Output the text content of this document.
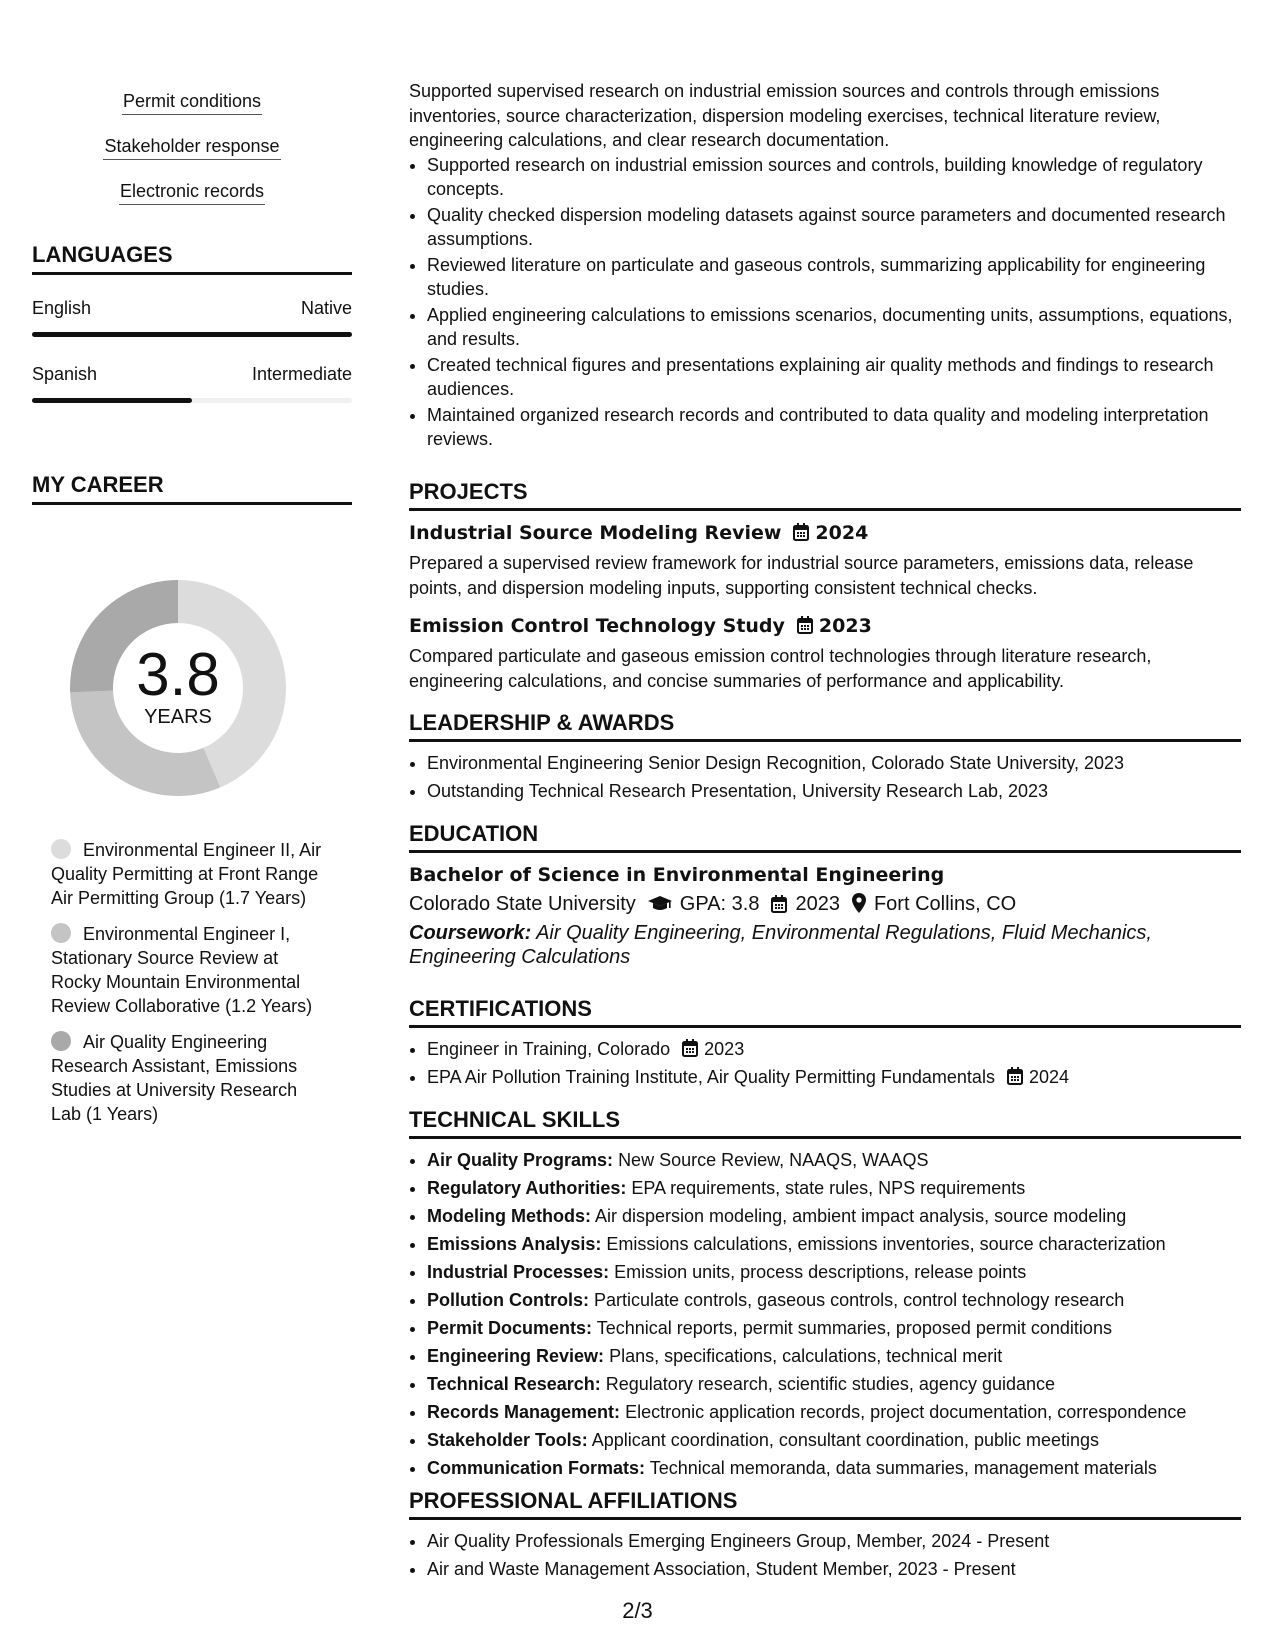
Permit conditions
Stakeholder response
Electronic records
LANGUAGES
English	Native
Spanish	Intermediate
MY CAREER
3.8
YEARS
Environmental Engineer II, Air Quality Permitting at Front Range Air Permitting Group (1.7 Years)
Environmental Engineer I, Stationary Source Review at Rocky Mountain Environmental Review Collaborative (1.2 Years)
Air Quality Engineering Research Assistant, Emissions Studies at University Research Lab (1 Years)
Supported supervised research on industrial emission sources and controls through emissions inventories, source characterization, dispersion modeling exercises, technical literature review, engineering calculations, and clear research documentation.
• Supported research on industrial emission sources and controls, building knowledge of regulatory concepts.
• Quality checked dispersion modeling datasets against source parameters and documented research assumptions.
• Reviewed literature on particulate and gaseous controls, summarizing applicability for engineering studies.
• Applied engineering calculations to emissions scenarios, documenting units, assumptions, equations, and results.
• Created technical figures and presentations explaining air quality methods and findings to research audiences.
• Maintained organized research records and contributed to data quality and modeling interpretation reviews.
PROJECTS
Industrial Source Modeling Review 2024
Prepared a supervised review framework for industrial source parameters, emissions data, release points, and dispersion modeling inputs, supporting consistent technical checks.
Emission Control Technology Study 2023
Compared particulate and gaseous emission control technologies through literature research, engineering calculations, and concise summaries of performance and applicability.
LEADERSHIP & AWARDS
• Environmental Engineering Senior Design Recognition, Colorado State University, 2023
• Outstanding Technical Research Presentation, University Research Lab, 2023
EDUCATION
Bachelor of Science in Environmental Engineering
Colorado State University GPA: 3.8 2023 Fort Collins, CO
Coursework: Air Quality Engineering, Environmental Regulations, Fluid Mechanics, Engineering Calculations
CERTIFICATIONS
• Engineer in Training, Colorado 2023
• EPA Air Pollution Training Institute, Air Quality Permitting Fundamentals 2024
TECHNICAL SKILLS
• Air Quality Programs: New Source Review, NAAQS, WAAQS
• Regulatory Authorities: EPA requirements, state rules, NPS requirements
• Modeling Methods: Air dispersion modeling, ambient impact analysis, source modeling
• Emissions Analysis: Emissions calculations, emissions inventories, source characterization
• Industrial Processes: Emission units, process descriptions, release points
• Pollution Controls: Particulate controls, gaseous controls, control technology research
• Permit Documents: Technical reports, permit summaries, proposed permit conditions
• Engineering Review: Plans, specifications, calculations, technical merit
• Technical Research: Regulatory research, scientific studies, agency guidance
• Records Management: Electronic application records, project documentation, correspondence
• Stakeholder Tools: Applicant coordination, consultant coordination, public meetings
• Communication Formats: Technical memoranda, data summaries, management materials
PROFESSIONAL AFFILIATIONS
• Air Quality Professionals Emerging Engineers Group, Member, 2024 - Present
• Air and Waste Management Association, Student Member, 2023 - Present
2/3
